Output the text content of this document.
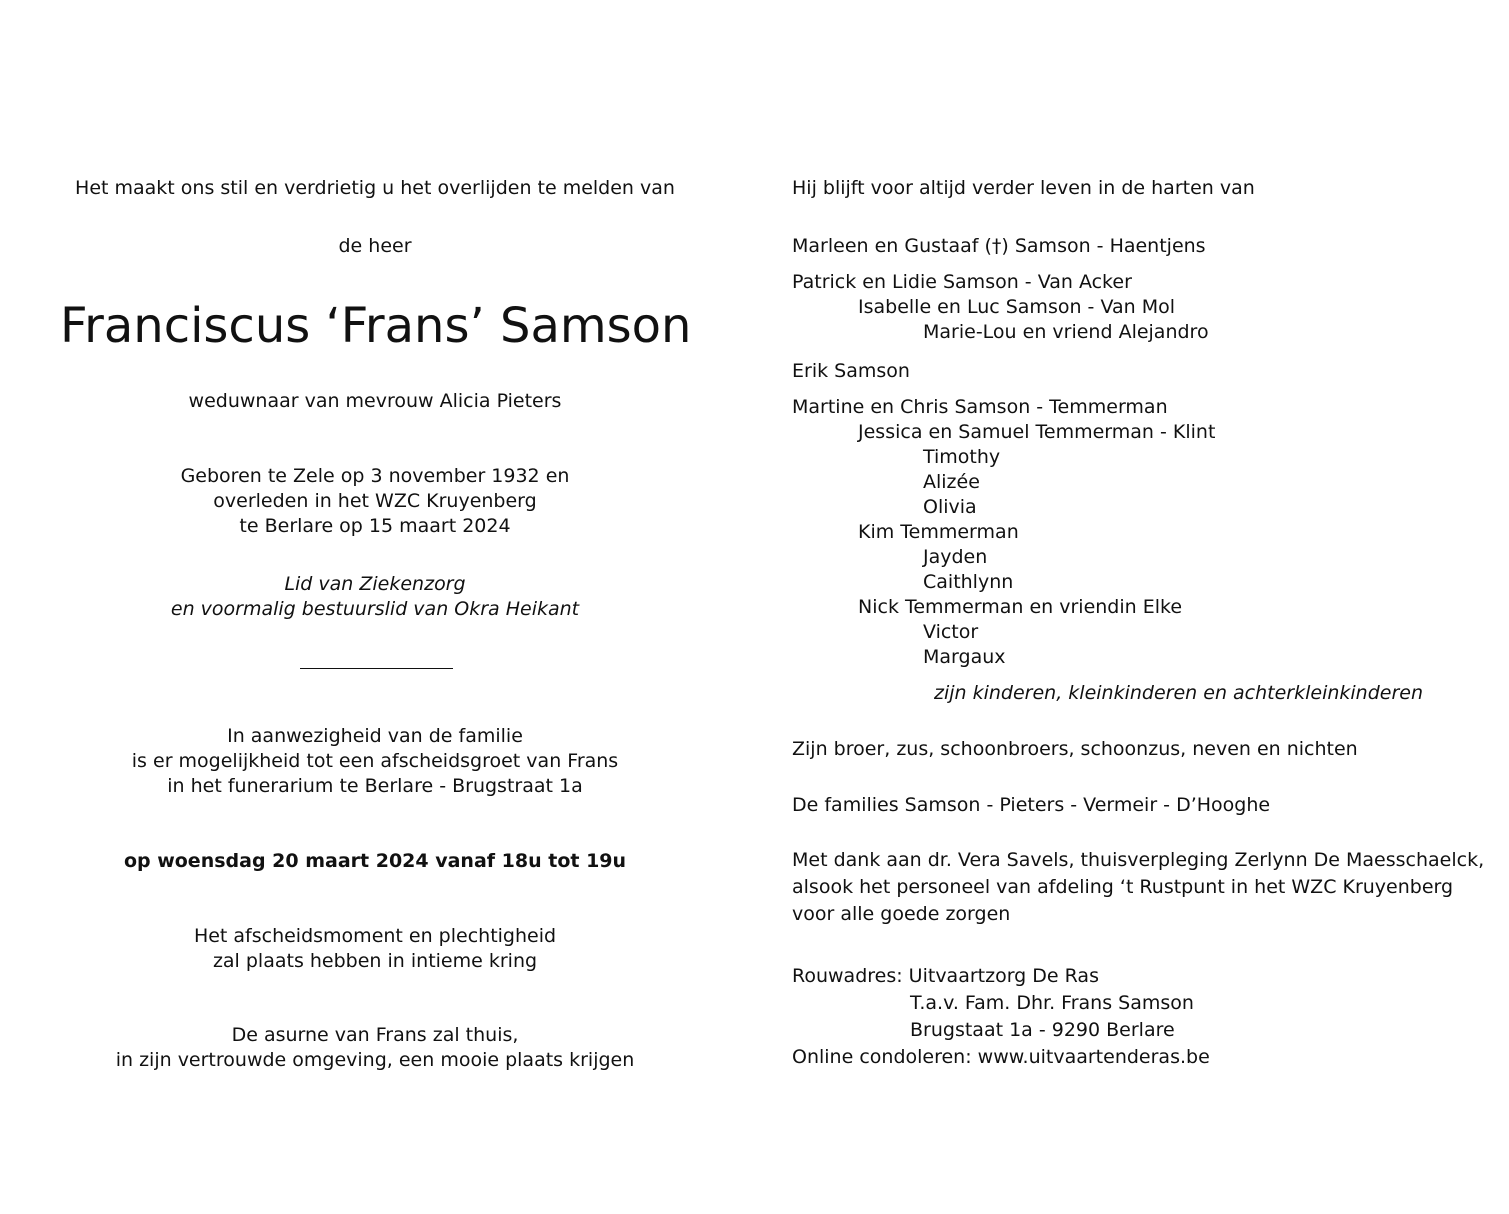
Het maakt ons stil en verdrietig u het overlijden te melden van
de heer
Franciscus ‘Frans’ Samson
weduwnaar van mevrouw Alicia Pieters
Geboren te Zele op 3 november 1932 en
overleden in het WZC Kruyenberg
te Berlare op 15 maart 2024
Lid van Ziekenzorg
en voormalig bestuurslid van Okra Heikant
In aanwezigheid van de familie
is er mogelijkheid tot een afscheidsgroet van Frans
in het funerarium te Berlare - Brugstraat 1a
op woensdag 20 maart 2024 vanaf 18u tot 19u
Het afscheidsmoment en plechtigheid
zal plaats hebben in intieme kring
De asurne van Frans zal thuis,
in zijn vertrouwde omgeving, een mooie plaats krijgen
Hij blijft voor altijd verder leven in de harten van
Marleen en Gustaaf (†) Samson - Haentjens
Patrick en Lidie Samson - Van Acker
Isabelle en Luc Samson - Van Mol
Marie-Lou en vriend Alejandro
Erik Samson
Martine en Chris Samson - Temmerman
Jessica en Samuel Temmerman - Klint
Timothy
Alizée
Olivia
Kim Temmerman
Jayden
Caithlynn
Nick Temmerman en vriendin Elke
Victor
Margaux
zijn kinderen, kleinkinderen en achterkleinkinderen
Zijn broer, zus, schoonbroers, schoonzus, neven en nichten
De families Samson - Pieters - Vermeir - D’Hooghe
Met dank aan dr. Vera Savels, thuisverpleging Zerlynn De Maesschaelck,
alsook het personeel van afdeling ‘t Rustpunt in het WZC Kruyenberg
voor alle goede zorgen
Rouwadres: Uitvaartzorg De Ras
T.a.v. Fam. Dhr. Frans Samson
Brugstaat 1a - 9290 Berlare
Online condoleren: www.uitvaartenderas.be
